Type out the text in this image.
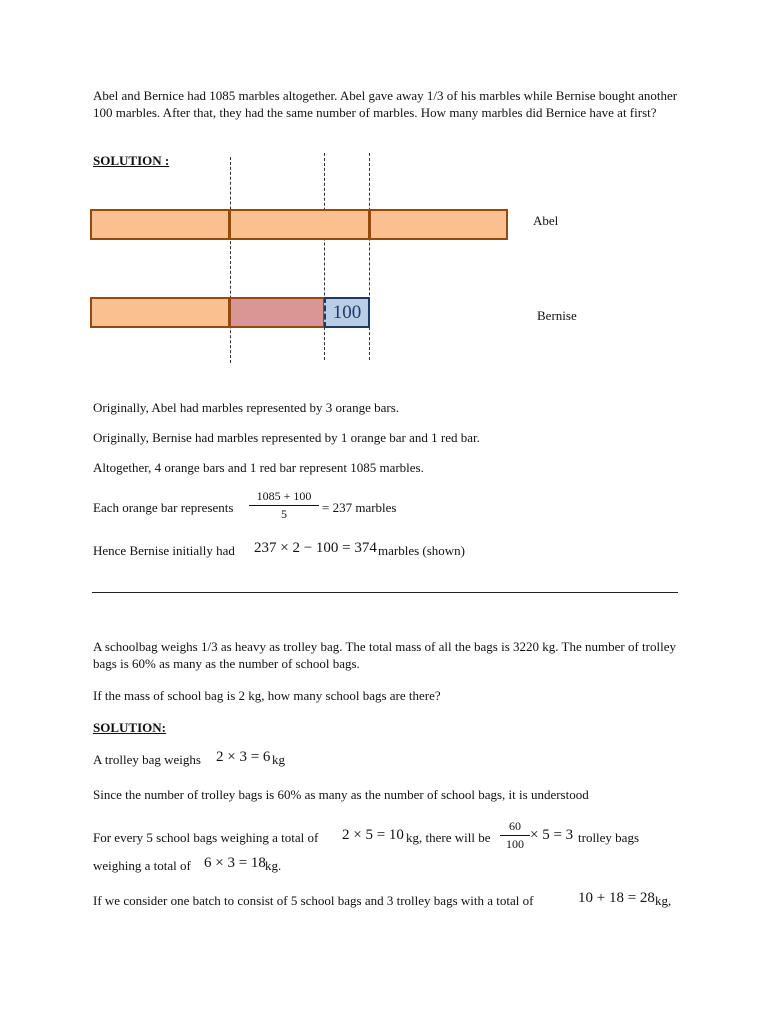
Abel and Bernice had 1085 marbles altogether. Abel gave away 1/3 of his marbles while Bernise bought another 100 marbles. After that, they had the same number of marbles. How many marbles did Bernice have at first?
SOLUTION :
Abel
100	Bernise
Originally, Abel had marbles represented by 3 orange bars.
Originally, Bernise had marbles represented by 1 orange bar and 1 red bar.
Altogether, 4 orange bars and 1 red bar represent 1085 marbles.
Each orange bar represents $\frac{1085 + 100}{5} = 237$ marbles
Hence Bernise initially had 237 × 2 − 100 = 374 marbles (shown)
A schoolbag weighs 1/3 as heavy as trolley bag. The total mass of all the bags is 3220 kg. The number of trolley bags is 60% as many as the number of school bags.
If the mass of school bag is 2 kg, how many school bags are there?
SOLUTION:
A trolley bag weighs 2 × 3 = 6 kg
Since the number of trolley bags is 60% as many as the number of school bags, it is understood
For every 5 school bags weighing a total of 2 × 5 = 10 kg, there will be $\frac{60}{100} \times 5 = 3$ trolley bags
weighing a total of 6 × 3 = 18 kg.
If we consider one batch to consist of 5 school bags and 3 trolley bags with a total of	10 + 18 = 28 kg,
